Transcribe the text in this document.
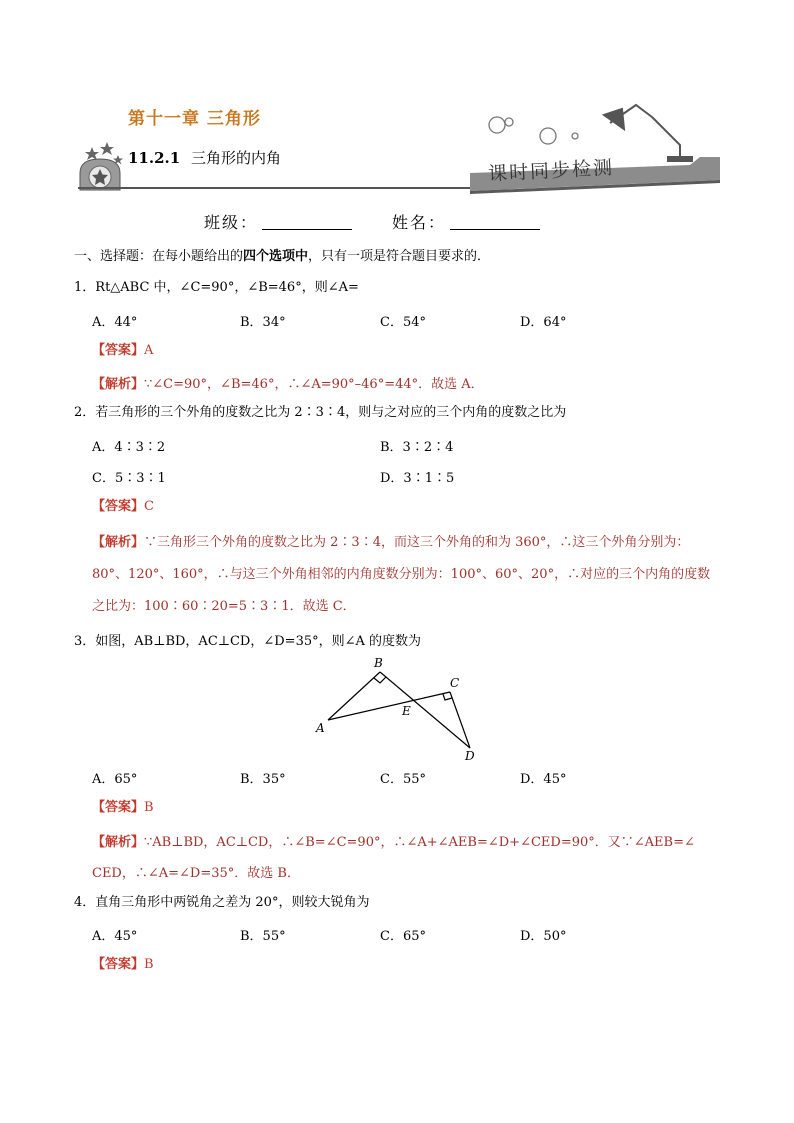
第十一章 三角形
11.2.1 三角形的内角	课时同步检测
班级：	姓名：
一、选择题：在每小题给出的四个选项中，只有一项是符合题目要求的．
1．Rt△ABC 中，∠C=90°，∠B=46°，则∠A=
A．44°	B．34°	C．54°	D．64°
【答案】A
【解析】∵∠C=90°，∠B=46°，∴∠A=90°–46°=44°．故选 A．
2．若三角形的三个外角的度数之比为 2∶3∶4，则与之对应的三个内角的度数之比为
A．4∶3∶2	B．3∶2∶4
C．5∶3∶1	D．3∶1∶5
【答案】C
【解析】∵三角形三个外角的度数之比为 2∶3∶4，而这三个外角的和为 360°，∴这三个外角分别为：
80°、120°、160°，∴与这三个外角相邻的内角度数分别为：100°、60°、20°，∴对应的三个内角的度数
之比为：100∶60∶20=5∶3∶1．故选 C．
3．如图，AB⊥BD，AC⊥CD，∠D=35°，则∠A 的度数为
A
B
C
D
E
A．65°	B．35°	C．55°	D．45°
【答案】B
【解析】∵AB⊥BD，AC⊥CD，∴∠B=∠C=90°，∴∠A+∠AEB=∠D+∠CED=90°．又∵∠AEB=∠
CED，∴∠A=∠D=35°．故选 B．
4．直角三角形中两锐角之差为 20°，则较大锐角为
A．45°	B．55°	C．65°	D．50°
【答案】B
